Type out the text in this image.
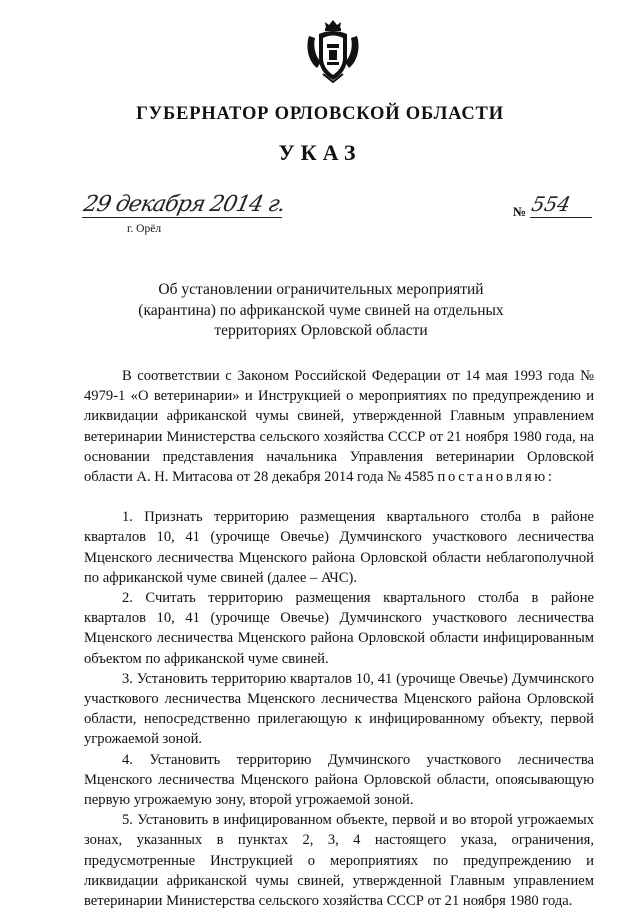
ГУБЕРНАТОР ОРЛОВСКОЙ ОБЛАСТИ
УКАЗ
29 декабря 2014 г.
г. Орёл
№ 554
Об установлении ограничительных мероприятий
(карантина) по африканской чуме свиней на отдельных
территориях Орловской области

В соответствии с Законом Российской Федерации от 14 мая 1993 года № 4979-1 «О ветеринарии» и Инструкцией о мероприятиях по предупреждению и ликвидации африканской чумы свиней, утвержденной Главным управлением ветеринарии Министерства сельского хозяйства СССР от 21 ноября 1980 года, на основании представления начальника Управления ветеринарии Орловской области А. Н. Митасова от 28 декабря 2014 года № 4585 постановляю:

1. Признать территорию размещения квартального столба в районе кварталов 10, 41 (урочище Овечье) Думчинского участкового лесничества Мценского лесничества Мценского района Орловской области неблагополучной по африканской чуме свиней (далее – АЧС).

2. Считать территорию размещения квартального столба в районе кварталов 10, 41 (урочище Овечье) Думчинского участкового лесничества Мценского лесничества Мценского района Орловской области инфицированным объектом по африканской чуме свиней.

3. Установить территорию кварталов 10, 41 (урочище Овечье) Думчинского участкового лесничества Мценского лесничества Мценского района Орловской области, непосредственно прилегающую к инфицированному объекту, первой угрожаемой зоной.

4. Установить территорию Думчинского участкового лесничества Мценского лесничества Мценского района Орловской области, опоясывающую первую угрожаемую зону, второй угрожаемой зоной.

5. Установить в инфицированном объекте, первой и во второй угрожаемых зонах, указанных в пунктах 2, 3, 4 настоящего указа, ограничения, предусмотренные Инструкцией о мероприятиях по предупреждению и ликвидации африканской чумы свиней, утвержденной Главным управлением ветеринарии Министерства сельского хозяйства СССР от 21 ноября 1980 года.
